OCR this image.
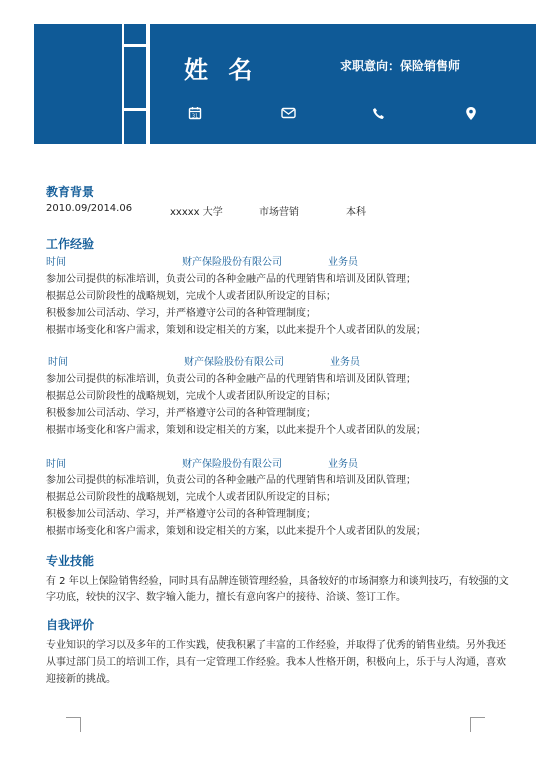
姓 名	求职意向：保险销售师
31
教育背景
2010.09/2014.06	xxxxx 大学	市场营销	本科
工作经验
时间	财产保险股份有限公司	业务员
参加公司提供的标准培训，负责公司的各种金融产品的代理销售和培训及团队管理；
根据总公司阶段性的战略规划，完成个人或者团队所设定的目标；
积极参加公司活动、学习，并严格遵守公司的各种管理制度；
根据市场变化和客户需求，策划和设定相关的方案，以此来提升个人或者团队的发展；
时间	财产保险股份有限公司	业务员
参加公司提供的标准培训，负责公司的各种金融产品的代理销售和培训及团队管理；
根据总公司阶段性的战略规划，完成个人或者团队所设定的目标；
积极参加公司活动、学习，并严格遵守公司的各种管理制度；
根据市场变化和客户需求，策划和设定相关的方案，以此来提升个人或者团队的发展；
时间	财产保险股份有限公司	业务员
参加公司提供的标准培训，负责公司的各种金融产品的代理销售和培训及团队管理；
根据总公司阶段性的战略规划，完成个人或者团队所设定的目标；
积极参加公司活动、学习，并严格遵守公司的各种管理制度；
根据市场变化和客户需求，策划和设定相关的方案，以此来提升个人或者团队的发展；
专业技能
有 2 年以上保险销售经验，同时具有品牌连锁管理经验，具备较好的市场洞察力和谈判技巧，有较强的文
字功底，较快的汉字、数字输入能力，擅长有意向客户的接待、洽谈、签订工作。
自我评价
专业知识的学习以及多年的工作实践，使我积累了丰富的工作经验，并取得了优秀的销售业绩。另外我还
从事过部门员工的培训工作，具有一定管理工作经验。我本人性格开朗，积极向上，乐于与人沟通，喜欢
迎接新的挑战。
